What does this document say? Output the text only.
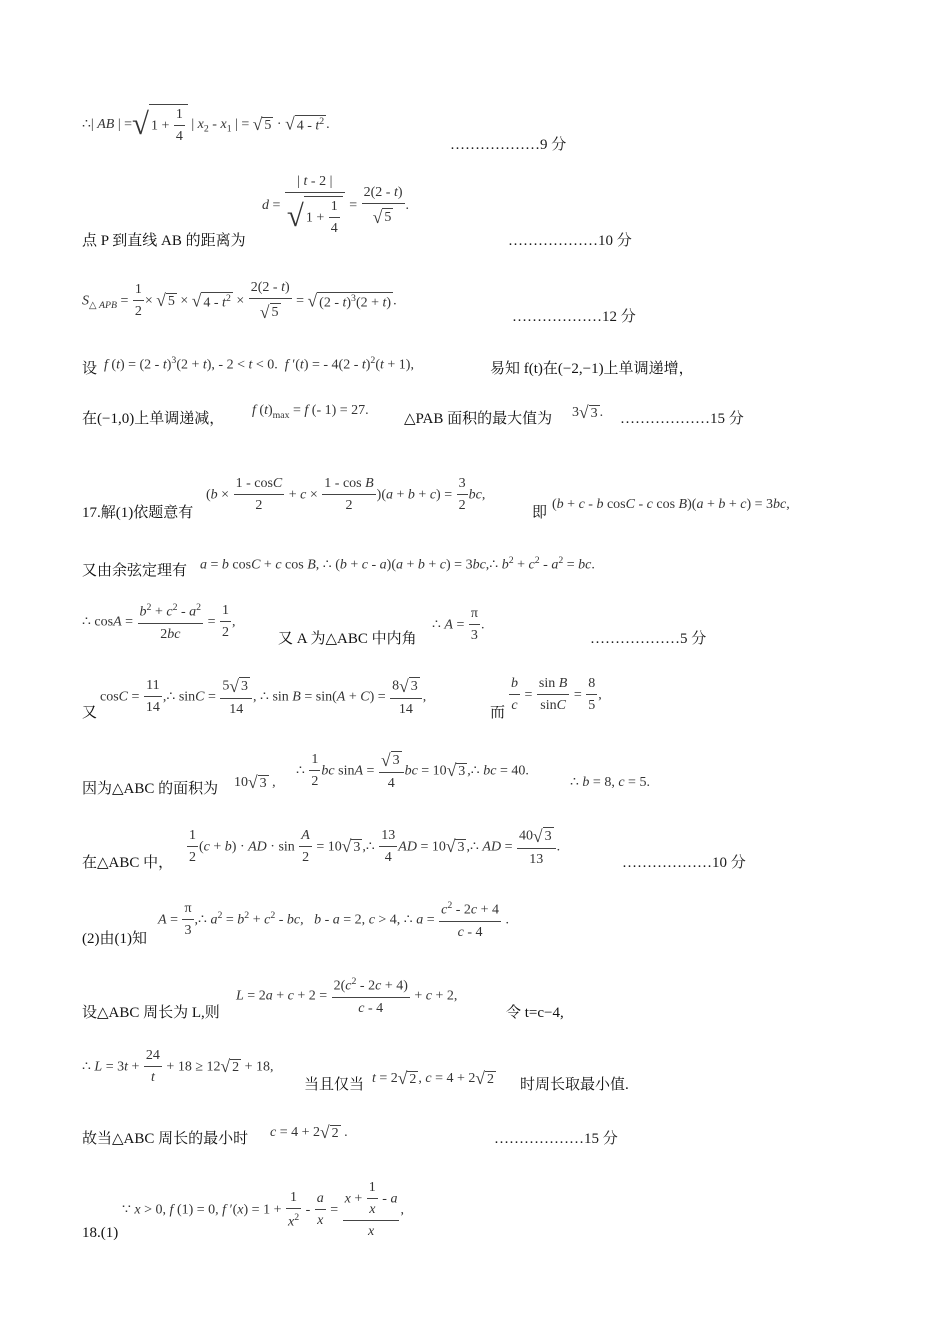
∴| AB | =√ $1 + \frac{1}{4}$ | $x_2 - x_1$ | = √ 5 · √ $4 - t^2$ .
………………9 分
$d = \frac{| t - 2 |}{√ 1 + \frac{1}{4}} = \frac{2(2 - t)}{√ 5}$ .
点 P 到直线 AB 的距离为	………………10 分
$S_{\triangle APB} = \frac{1}{2}$ × √ 5 × √ $4 - t^2 \times \frac{2(2 - t)}{√ 5}$ = √ (2 - t)$^3$(2 + t) .
………………12 分
设 f (t) = (2 - t)$^3$(2 + t), - 2 < t < 0.  f ′(t) = - 4(2 - t)$^2$(t + 1),	易知 f(t)在(−2,−1)上单调递增，
在(−1,0)上单调递减，
f $(t)_{max} = f$ (- 1) = 27.
△PAB 面积的最大值为 3√ 3 . ………………15 分
17.解(1)依题意有
$(b \times \frac{1 - \cos C}{2} + c \times \frac{\text{1 - cos B}}{2} )(a + b + c) = \frac{3}{2}$ bc,
即
(b + c - b cosC - c cos B)(a + b + c) = 3bc,
又由余弦定理有 a = b cosC + c cos B, ∴ (b + c - a)(a + b + c) = 3bc,∴ $b^2 + c^2 - a^2$ = bc.
∴ $\cos A = \frac{b^2 + c^2 - a^2}{2bc} = \frac{1}{2}$ ,
又 A 为△ABC 中内角
∴ $A = \frac{\pi}{3}$ .
………………5 分
又
$\cos C = \frac{11}{14}$ ,∴ $\sin C = \frac{5√ 3}{14}$ , ∴ $\sin B = \sin(A + C) = \frac{8√ 3}{14}$ ,
而 $\frac{b}{c} = \frac{\text{sin B}}{\sin C} = \frac{8}{5}$ ,
因为△ABC 的面积为 10√ 3 ,
∴ $\frac{1}{2}$ bc $\sin A = \frac{√ 3}{4}$ bc = 10√ 3 ,∴ bc = 40.
∴ b = 8, c = 5.
在△ABC 中， $\frac{1}{2} (c + b)$ · AD · $\sin \frac{A}{2} = 10√$ 3 ,∴ $\frac{13}{4}$ AD = 10√ 3 ,∴ AD = $\frac{40√ 3}{13}$ .
………………10 分
(2)由(1)知
$A = \frac{\pi}{3}$ ,∴ $a^2 = b^2 + c^2$ - bc,   b - a = 2, c > 4, ∴ $a = \frac{c^2 - 2c + 4}{c - 4}$ .
设△ABC 周长为 L,则
$L = 2a + c + 2 = \frac{2(c^2 - 2c + 4)}{c - 4} + c + 2$,
令 t=c−4,
∴ $L = 3t + \frac{24}{t} + 18 \ge 12√$ 2 + 18,
当且仅当 t = 2√ 2 , c = 4 + 2√ 2 时周长取最小值.
故当△ABC 周长的最小时 c = 4 + 2√ 2 .	………………15 分
18.(1)
∵ x > 0, f (1) = 0, f $'(x) = 1 + \frac{1}{x^2} - \frac{a}{x} = \frac{x + \frac{1}{x} - a}{x}$ ,
